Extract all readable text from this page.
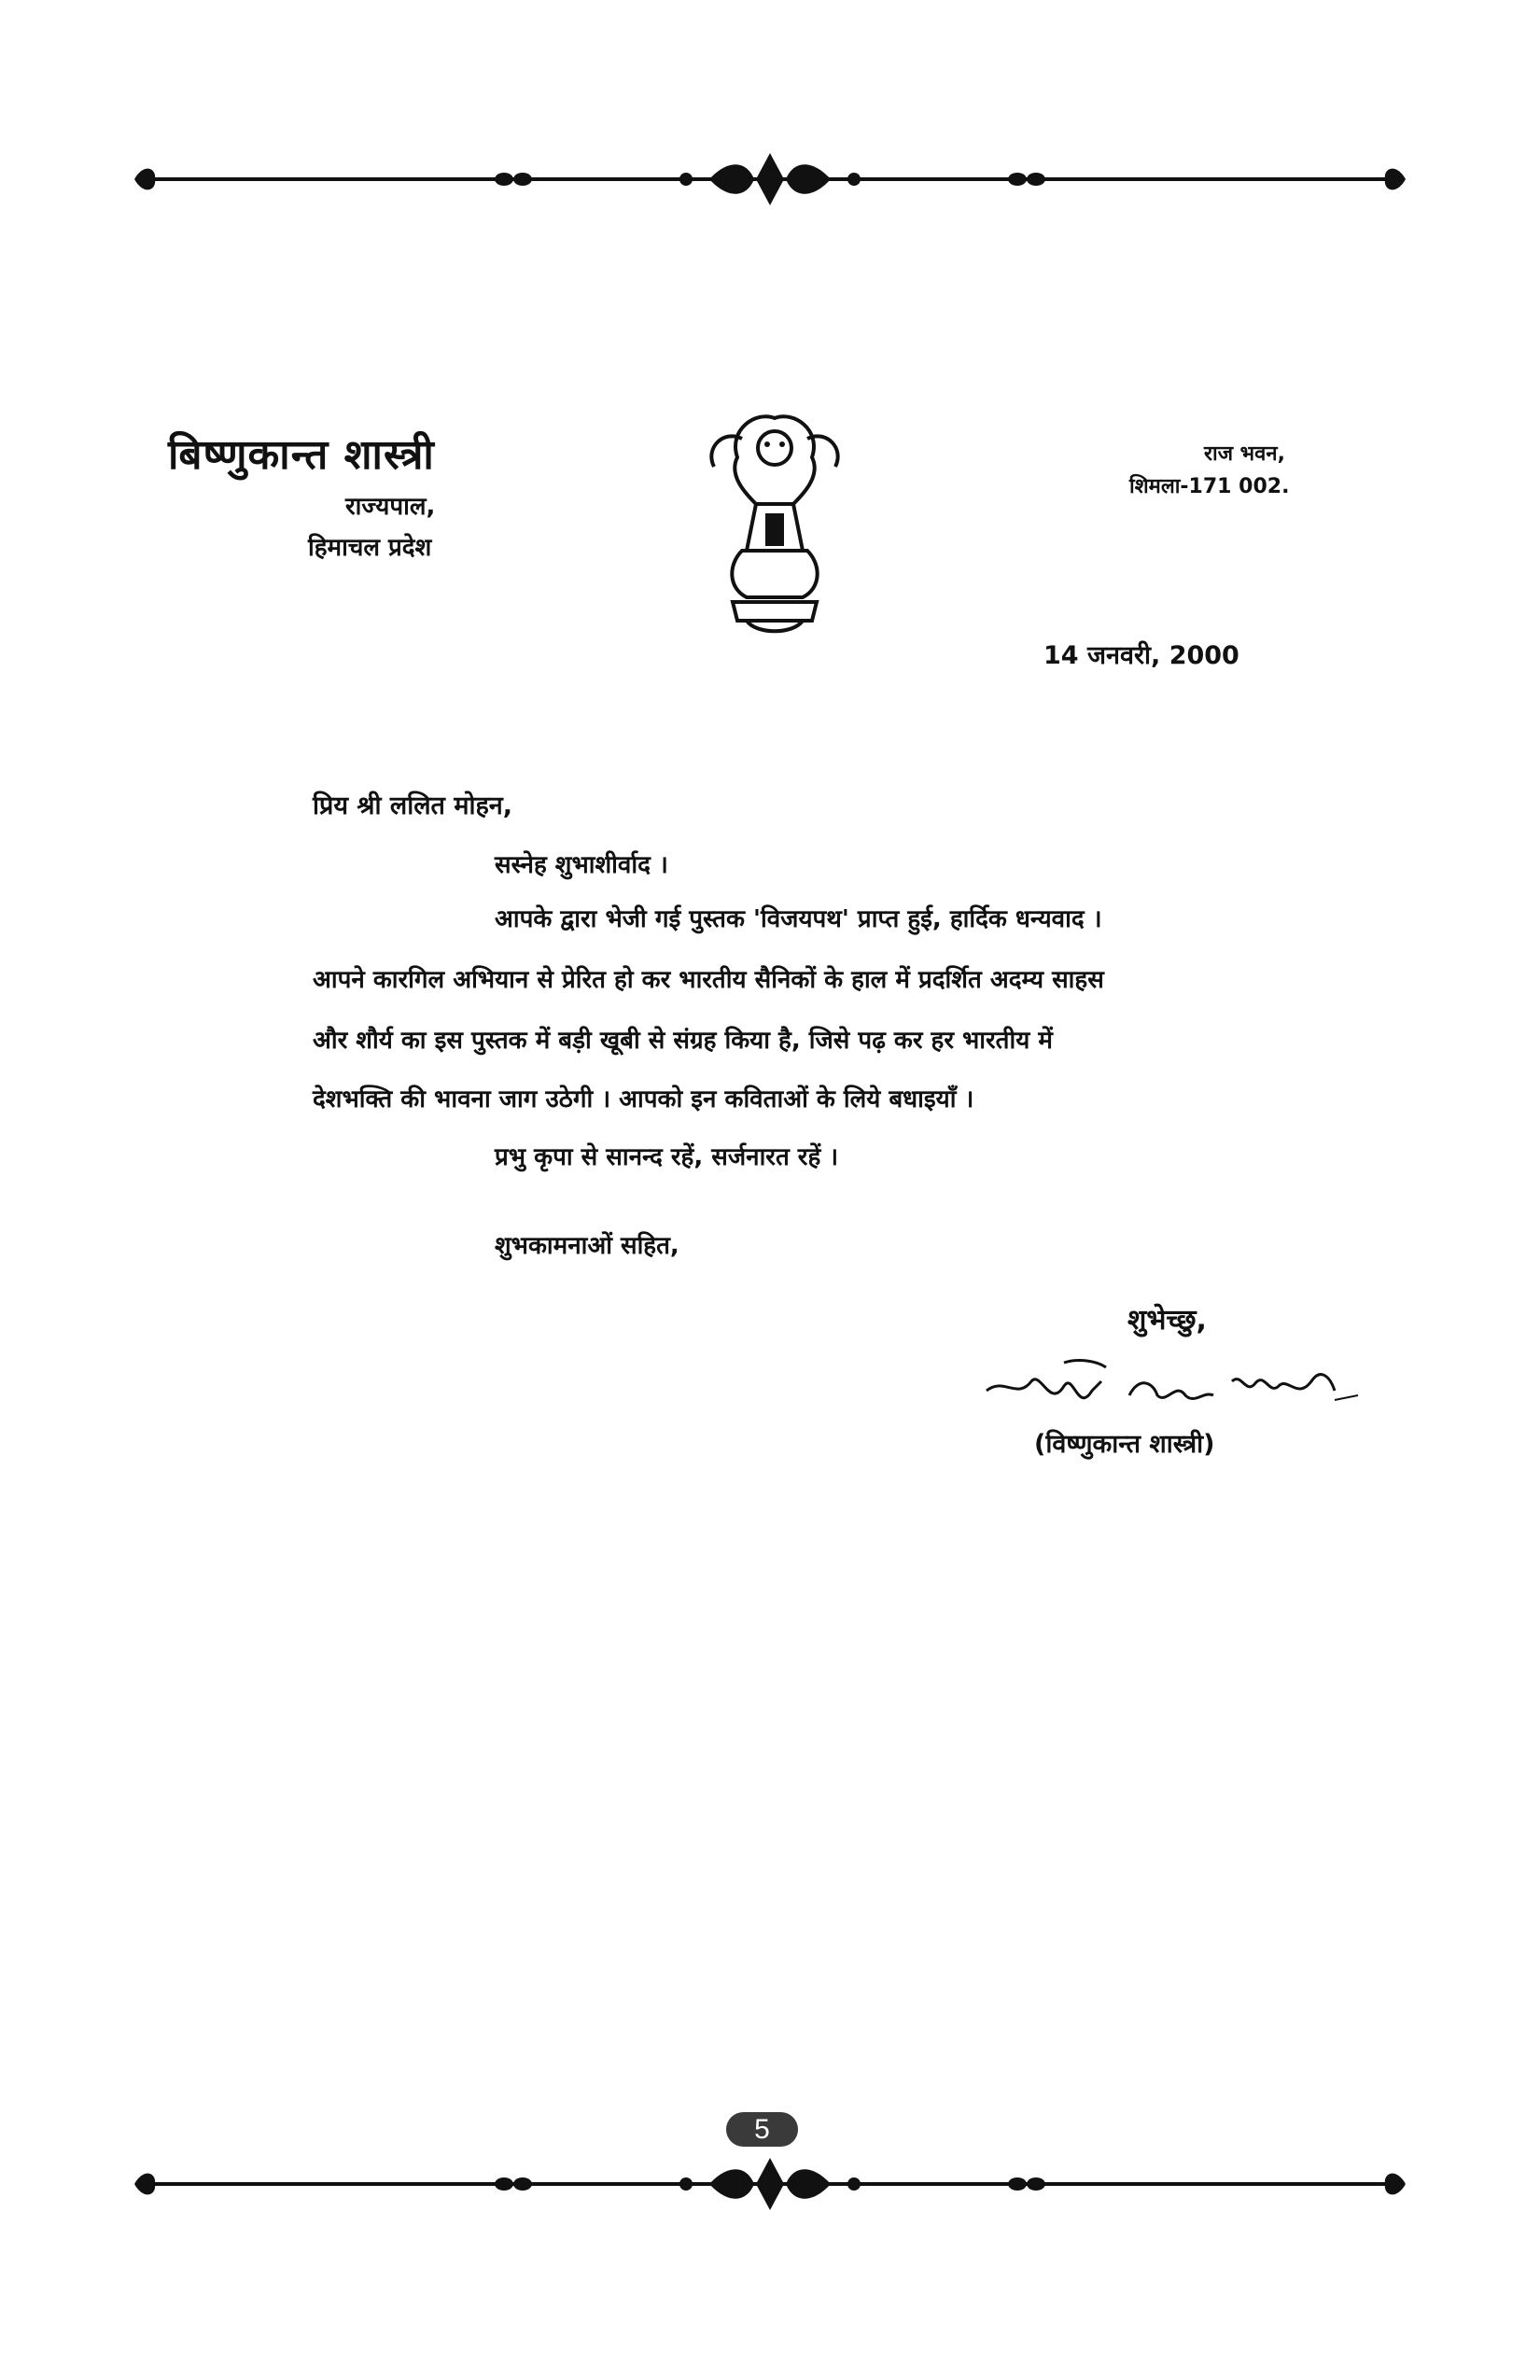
बिष्णुकान्त शास्त्री
राज्यपाल,
हिमाचल प्रदेश
राज भवन,
शिमला-171 002.
14 जनवरी, 2000
प्रिय श्री ललित मोहन,
सस्नेह शुभाशीर्वाद ।
आपके द्वारा भेजी गई पुस्तक 'विजयपथ' प्राप्त हुई, हार्दिक धन्यवाद ।
आपने कारगिल अभियान से प्रेरित हो कर भारतीय सैनिकों के हाल में प्रदर्शित अदम्य साहस
और शौर्य का इस पुस्तक में बड़ी खूबी से संग्रह किया है, जिसे पढ़ कर हर भारतीय में
देशभक्ति की भावना जाग उठेगी । आपको इन कविताओं के लिये बधाइयाँ ।
प्रभु कृपा से सानन्द रहें, सर्जनारत रहें ।
शुभकामनाओं सहित,
शुभेच्छु,
(विष्णुकान्त शास्त्री)
5
